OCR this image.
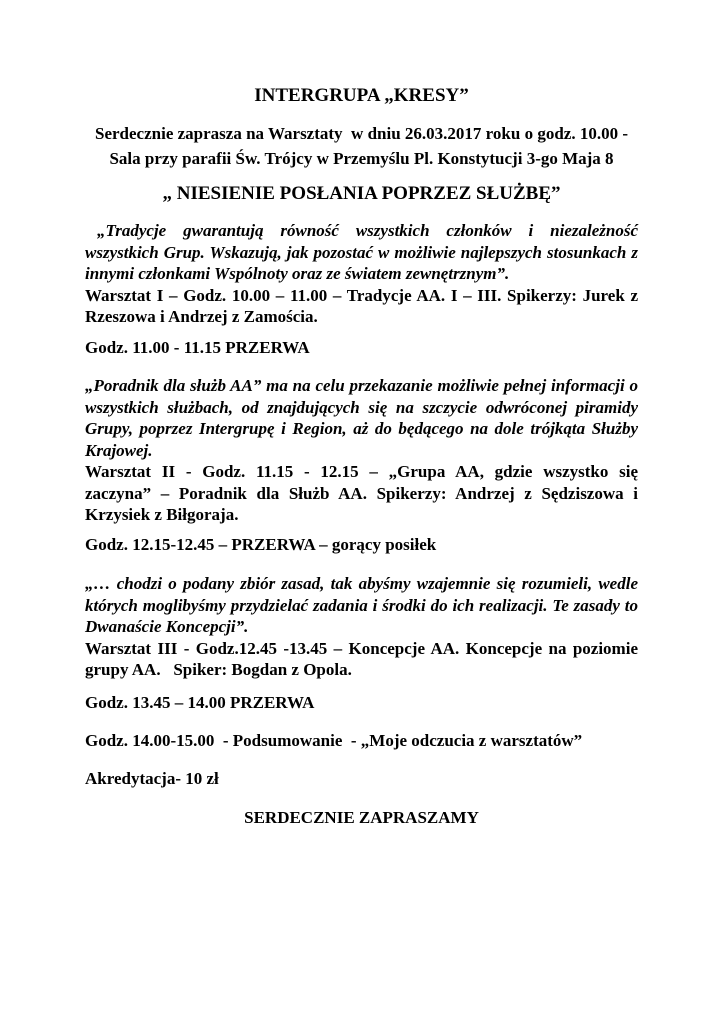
INTERGRUPA „KRESY”
Serdecznie zaprasza na Warsztaty  w dniu 26.03.2017 roku o godz. 10.00 -
Sala przy parafii Św. Trójcy w Przemyślu Pl. Konstytucji 3-go Maja 8
„ NIESIENIE POSŁANIA POPRZEZ SŁUŻBĘ”
„Tradycje gwarantują równość wszystkich członków i niezależność
wszystkich Grup. Wskazują, jak pozostać w możliwie najlepszych stosunkach z
innymi członkami Wspólnoty oraz ze światem zewnętrznym”.
Warsztat I – Godz. 10.00 – 11.00 – Tradycje AA. I – III. Spikerzy: Jurek z
Rzeszowa i Andrzej z Zamościa.
Godz. 11.00 - 11.15 PRZERWA
„Poradnik dla służb AA” ma na celu przekazanie możliwie pełnej informacji o
wszystkich służbach, od znajdujących się na szczycie odwróconej piramidy
Grupy, poprzez Intergrupę i Region, aż do będącego na dole trójkąta Służby
Krajowej.
Warsztat II - Godz. 11.15 - 12.15 – „Grupa AA, gdzie wszystko się
zaczyna” – Poradnik dla Służb AA. Spikerzy: Andrzej z Sędziszowa i
Krzysiek z Biłgoraja.
Godz. 12.15-12.45 – PRZERWA – gorący posiłek
„… chodzi o podany zbiór zasad, tak abyśmy wzajemnie się rozumieli, wedle
których moglibyśmy przydzielać zadania i środki do ich realizacji. Te zasady to
Dwanaście Koncepcji”.
Warsztat III - Godz.12.45 -13.45 – Koncepcje AA. Koncepcje na poziomie
grupy AA.   Spiker: Bogdan z Opola.
Godz. 13.45 – 14.00 PRZERWA
Godz. 14.00-15.00  - Podsumowanie  - „Moje odczucia z warsztatów”
Akredytacja- 10 zł
SERDECZNIE ZAPRASZAMY
